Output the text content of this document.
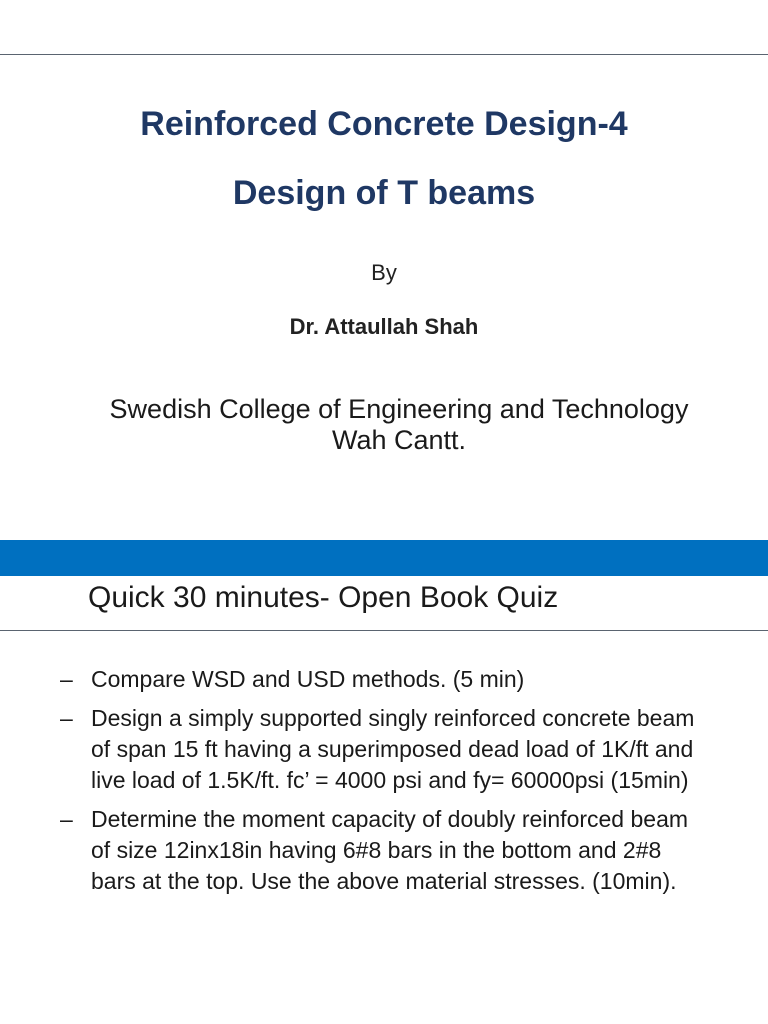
Reinforced Concrete Design-4
Design of T beams
By
Dr. Attaullah Shah
Swedish College of Engineering and Technology
Wah Cantt.
Quick 30 minutes- Open Book Quiz
– Compare WSD and USD methods. (5 min)
– Design a simply supported singly reinforced concrete beam of span 15 ft having a superimposed dead load of 1K/ft and live load of 1.5K/ft. fc’ = 4000 psi and fy= 60000psi (15min)
– Determine the moment capacity of doubly reinforced beam of size 12inx18in having 6#8 bars in the bottom and 2#8 bars at the top. Use the above material stresses. (10min).
